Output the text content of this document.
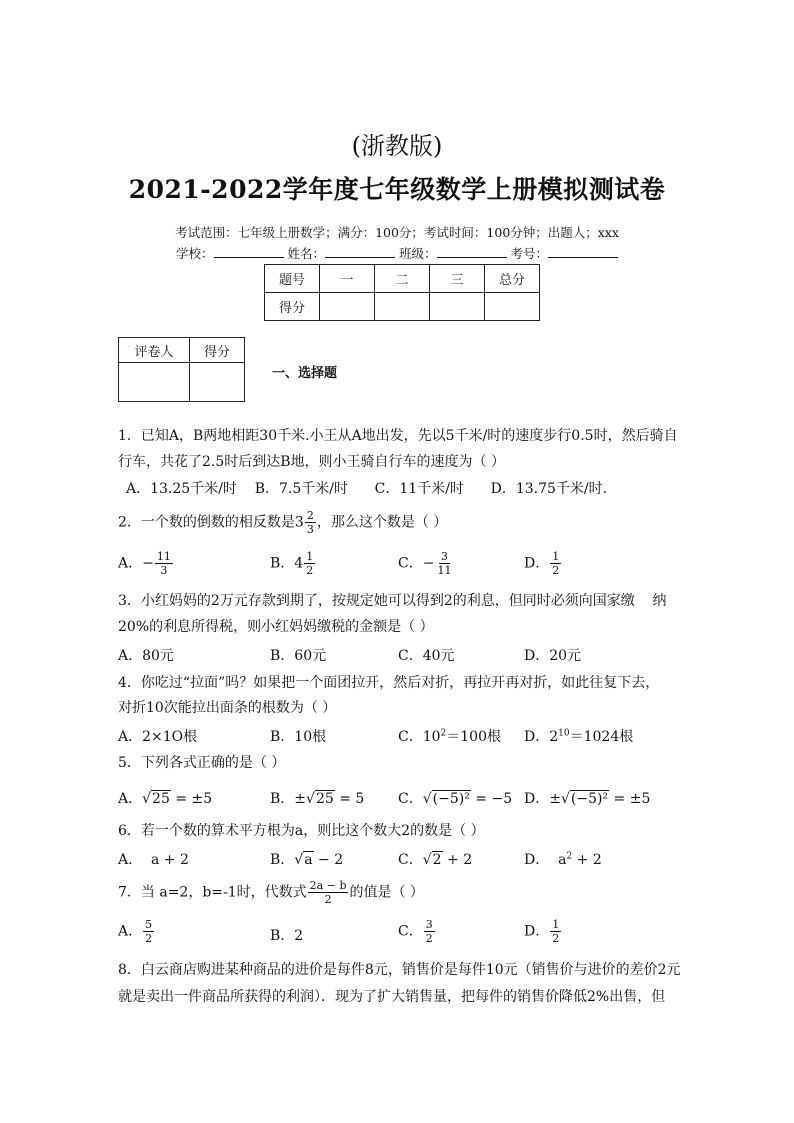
(浙教版)
2021-2022学年度七年级数学上册模拟测试卷
考试范围：七年级上册数学；满分：100分；考试时间：100分钟；出题人；xxx
学校：	姓名：	班级：	考号：
题号	一	二	三	总分
得分				
评卷人	得分

一、选择题
1．已知A，B两地相距30千米.小王从A地出发，先以5千米/时的速度步行0.5时，然后骑自
行车，共花了2.5时后到达B地，则小王骑自行车的速度为（ ）
A．13.25千米/时    B．7.5千米/时      C．11千米/时      D．13.75千米/时.
2．一个数的倒数的相反数是$3 \frac{2}{3}$ ，那么这个数是（ ）
A．− $\frac{11}{3}$	B．$4 \frac{1}{2}$	C．− $\frac{3}{11}$	D． $\frac{1}{2}$
3．小红妈妈的2万元存款到期了，按规定她可以得到2的利息，但同时必须向国家缴    纳
20%的利息所得税，则小红妈妈缴税的金额是（ ）
A．80元	B．60元	C．40元	D．20元
4．你吃过“拉面”吗？如果把一个面团拉开，然后对折，再拉开再对折，如此往复下去，
对折10次能拉出面条的根数为（ ）
A．2×1O根	B．10根	C．$10^2=100$根 D．$2^{10}=1024$根
5．下列各式正确的是（ ）
A．√25 = ±5	B．±√25 = 5 C．√(−5)² = −5 D．±√(−5)² = ±5
6．若一个数的算术平方根为a，则比这个数大2的数是（ ）
A．  a + 2	B．√a − 2	C．√2 + 2	D．  $a^2 + 2$
7．当 a=2，b=-1时，代数式 $\frac{2a - b}{2}$ 的值是（ ）
A． $\frac{5}{2}$	B．2	C． $\frac{3}{2}$	D． $\frac{1}{2}$
8．白云商店购进某种商品的进价是每件8元，销售价是每件10元（销售价与进价的差价2元
就是卖出一件商品所获得的利润）．现为了扩大销售量，把每件的销售价降低2%出售，但
